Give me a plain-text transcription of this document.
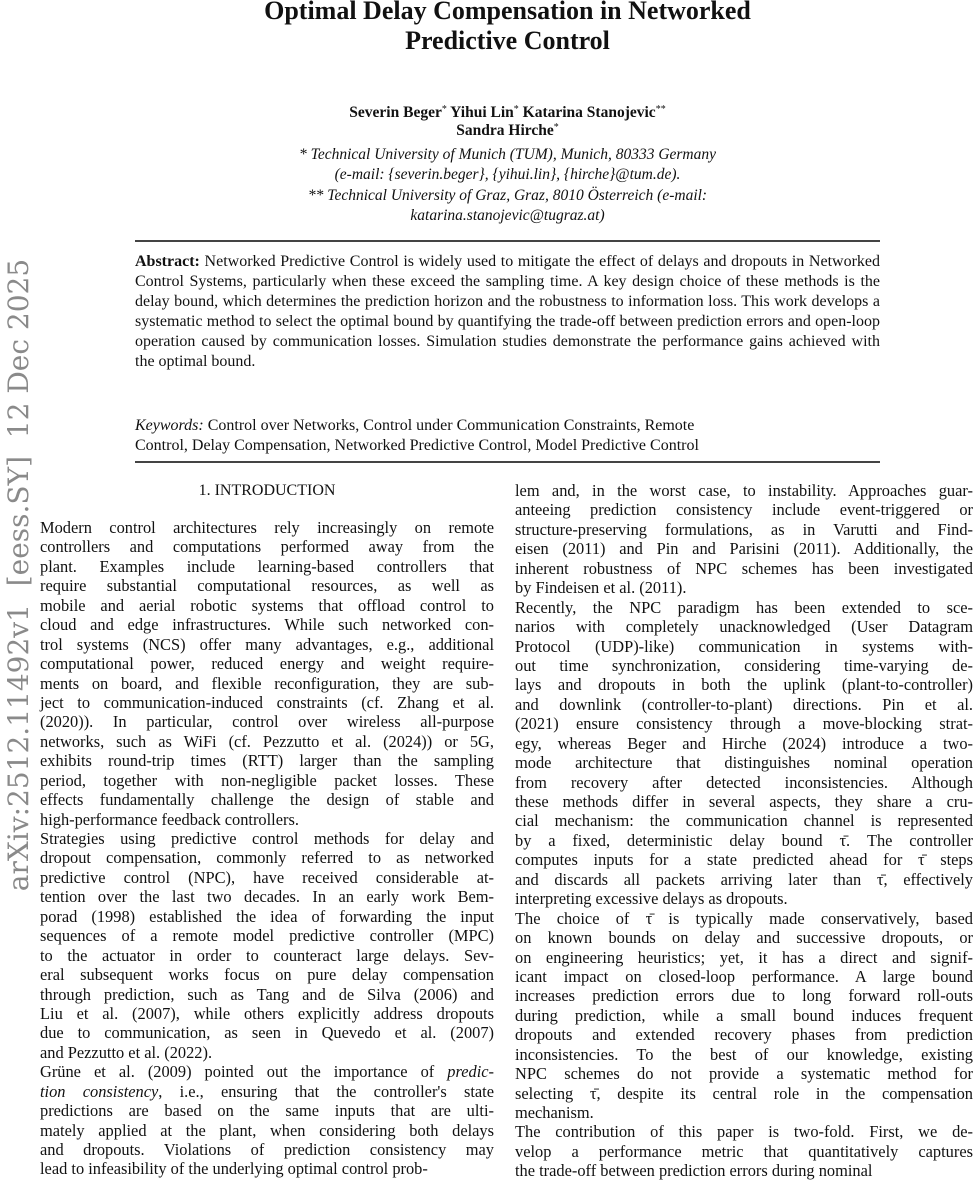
arXiv:2512.11492v1  [eess.SY]  12 Dec 2025
Optimal Delay Compensation in Networked
Predictive Control
Severin Beger* Yihui Lin* Katarina Stanojevic**
Sandra Hirche*
* Technical University of Munich (TUM), Munich, 80333 Germany
(e-mail: {severin.beger}, {yihui.lin}, {hirche}@tum.de).
** Technical University of Graz, Graz, 8010 Österreich (e-mail:
katarina.stanojevic@tugraz.at)
Abstract: Networked Predictive Control is widely used to mitigate the effect of delays and dropouts in Networked Control Systems, particularly when these exceed the sampling time. A key design choice of these methods is the delay bound, which determines the prediction horizon and the robustness to information loss. This work develops a systematic method to select the optimal bound by quantifying the trade-off between prediction errors and open-loop operation caused by communication losses. Simulation studies demonstrate the performance gains achieved with the optimal bound.
Keywords: Control over Networks, Control under Communication Constraints, Remote
Control, Delay Compensation, Networked Predictive Control, Model Predictive Control
1. INTRODUCTION
Modern control architectures rely increasingly on remote
controllers and computations performed away from the
plant. Examples include learning-based controllers that
require substantial computational resources, as well as
mobile and aerial robotic systems that offload control to
cloud and edge infrastructures. While such networked con-
trol systems (NCS) offer many advantages, e.g., additional
computational power, reduced energy and weight require-
ments on board, and flexible reconfiguration, they are sub-
ject to communication-induced constraints (cf. Zhang et al.
(2020)). In particular, control over wireless all-purpose
networks, such as WiFi (cf. Pezzutto et al. (2024)) or 5G,
exhibits round-trip times (RTT) larger than the sampling
period, together with non-negligible packet losses. These
effects fundamentally challenge the design of stable and
high-performance feedback controllers.
Strategies using predictive control methods for delay and
dropout compensation, commonly referred to as networked
predictive control (NPC), have received considerable at-
tention over the last two decades. In an early work Bem-
porad (1998) established the idea of forwarding the input
sequences of a remote model predictive controller (MPC)
to the actuator in order to counteract large delays. Sev-
eral subsequent works focus on pure delay compensation
through prediction, such as Tang and de Silva (2006) and
Liu et al. (2007), while others explicitly address dropouts
due to communication, as seen in Quevedo et al. (2007)
and Pezzutto et al. (2022).
Grüne et al. (2009) pointed out the importance of predic-
tion consistency, i.e., ensuring that the controller's state
predictions are based on the same inputs that are ulti-
mately applied at the plant, when considering both delays
and dropouts. Violations of prediction consistency may
lead to infeasibility of the underlying optimal control prob-
lem and, in the worst case, to instability. Approaches guar-
anteeing prediction consistency include event-triggered or
structure-preserving formulations, as in Varutti and Find-
eisen (2011) and Pin and Parisini (2011). Additionally, the
inherent robustness of NPC schemes has been investigated
by Findeisen et al. (2011).
Recently, the NPC paradigm has been extended to sce-
narios with completely unacknowledged (User Datagram
Protocol (UDP)-like) communication in systems with-
out time synchronization, considering time-varying de-
lays and dropouts in both the uplink (plant-to-controller)
and downlink (controller-to-plant) directions. Pin et al.
(2021) ensure consistency through a move-blocking strat-
egy, whereas Beger and Hirche (2024) introduce a two-
mode architecture that distinguishes nominal operation
from recovery after detected inconsistencies. Although
these methods differ in several aspects, they share a cru-
cial mechanism: the communication channel is represented
by a fixed, deterministic delay bound τ̄. The controller
computes inputs for a state predicted ahead for τ̄ steps
and discards all packets arriving later than τ̄, effectively
interpreting excessive delays as dropouts.
The choice of τ̄ is typically made conservatively, based
on known bounds on delay and successive dropouts, or
on engineering heuristics; yet, it has a direct and signif-
icant impact on closed-loop performance. A large bound
increases prediction errors due to long forward roll-outs
during prediction, while a small bound induces frequent
dropouts and extended recovery phases from prediction
inconsistencies. To the best of our knowledge, existing
NPC schemes do not provide a systematic method for
selecting τ̄, despite its central role in the compensation
mechanism.
The contribution of this paper is two-fold. First, we de-
velop a performance metric that quantitatively captures
the trade-off between prediction errors during nominal
